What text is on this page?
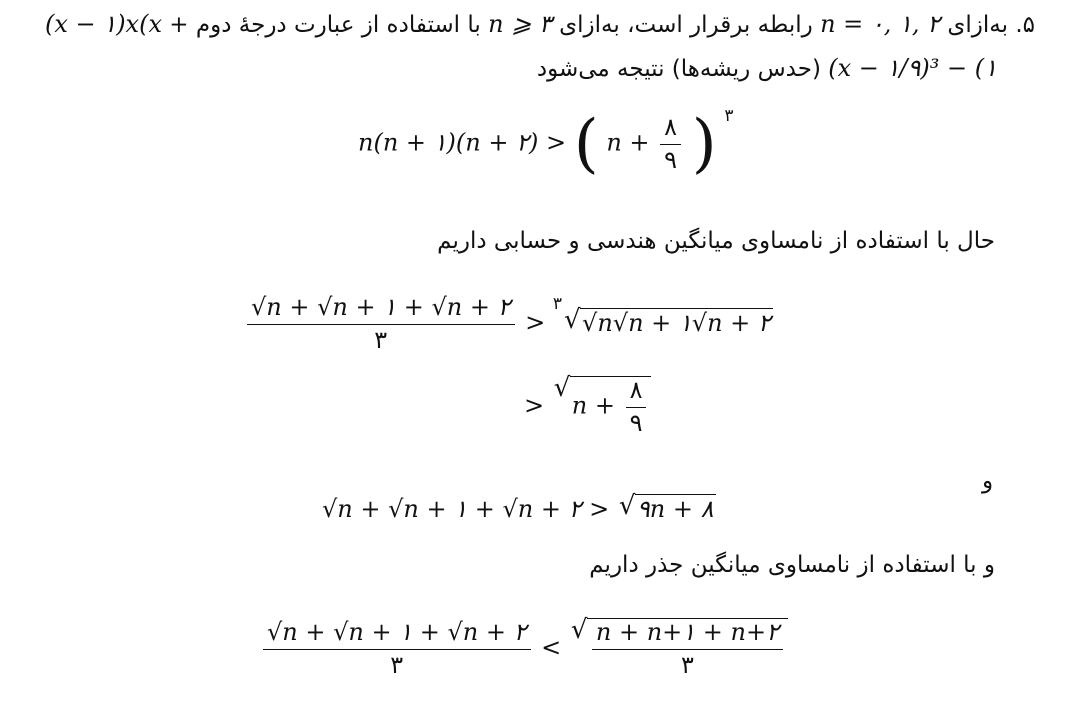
۵. به‌ازای n = ۰, ۱, ۲ رابطه برقرار است، به‌ازای n ⩾ ۳ با استفاده از عبارت درجهٔ دوم + (x − ۱)x(x
(x − ۱/۹)³ − (۱ (حدس ریشه‌ها) نتیجه می‌شود
n(n + ۱)(n + ۲) > ( $n + \frac{۸}{۹}$ ) $^۳$
حال با استفاده از نامساوی میانگین هندسی و حسابی داریم
$\frac{√n + √n + ۱ + √n + ۲}{۳} > ^۳√$ √n√n + ۱√n + ۲
> √ $n + \frac{۸}{۹}$
و
√n + √n + ۱ + √n + ۲ > √ ۹n + ۸
و با استفاده از نامساوی میانگین جذر داریم
$\frac{√n + √n + ۱ + √n + ۲}{۳}$ < √ $\frac{n + n+۱ + n+۲}{۳}$
